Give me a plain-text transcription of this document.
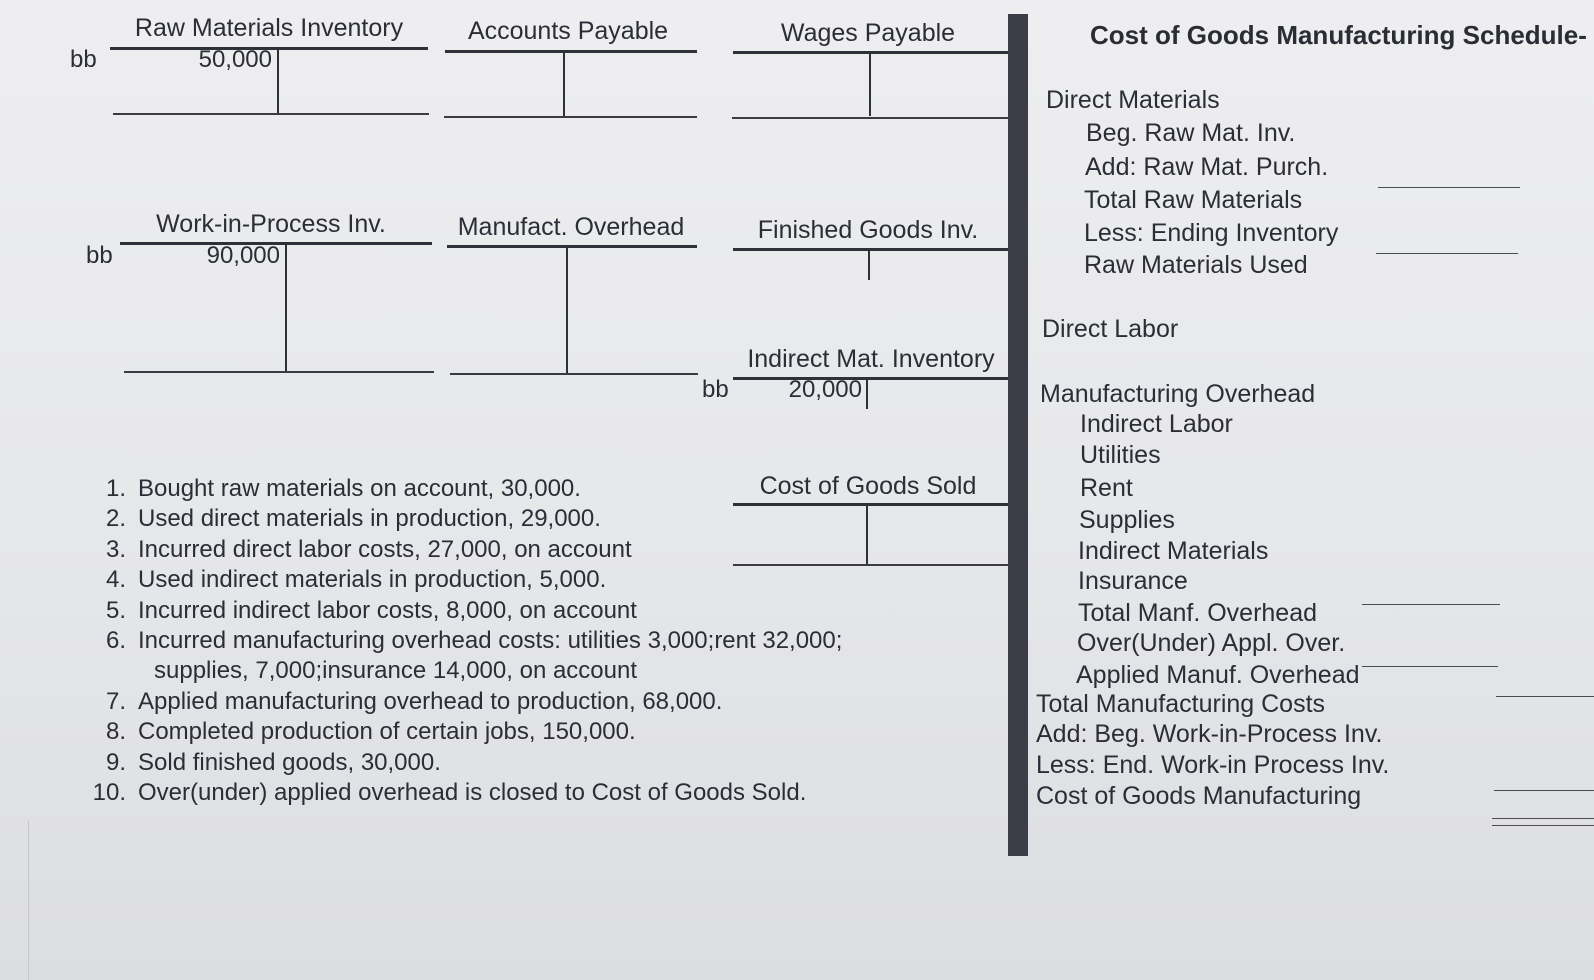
Raw Materials Inventory
bb	50,000
Accounts Payable	Wages Payable
Work-in-Process Inv.
bb	90,000
Manufact. Overhead	Finished Goods Inv.
Indirect Mat. Inventory
bb	20,000
Cost of Goods Sold
1. Bought raw materials on account, 30,000.
2. Used direct materials in production, 29,000.
3. Incurred direct labor costs, 27,000, on account
4. Used indirect materials in production, 5,000.
5. Incurred indirect labor costs, 8,000, on account
6. Incurred manufacturing overhead costs: utilities 3,000;rent 32,000;
supplies, 7,000;insurance 14,000, on account
7. Applied manufacturing overhead to production, 68,000.
8. Completed production of certain jobs, 150,000.
9. Sold finished goods, 30,000.
10. Over(under) applied overhead is closed to Cost of Goods Sold.
Cost of Goods Manufacturing Schedule-
Direct Materials
Beg. Raw Mat. Inv.
Add: Raw Mat. Purch.
Total Raw Materials
Less: Ending Inventory
Raw Materials Used
Direct Labor
Manufacturing Overhead
Indirect Labor
Utilities
Rent
Supplies
Indirect Materials
Insurance
Total Manf. Overhead
Over(Under) Appl. Over.
Applied Manuf. Overhead
Total Manufacturing Costs
Add: Beg. Work-in-Process Inv.
Less: End. Work-in Process Inv.
Cost of Goods Manufacturing
